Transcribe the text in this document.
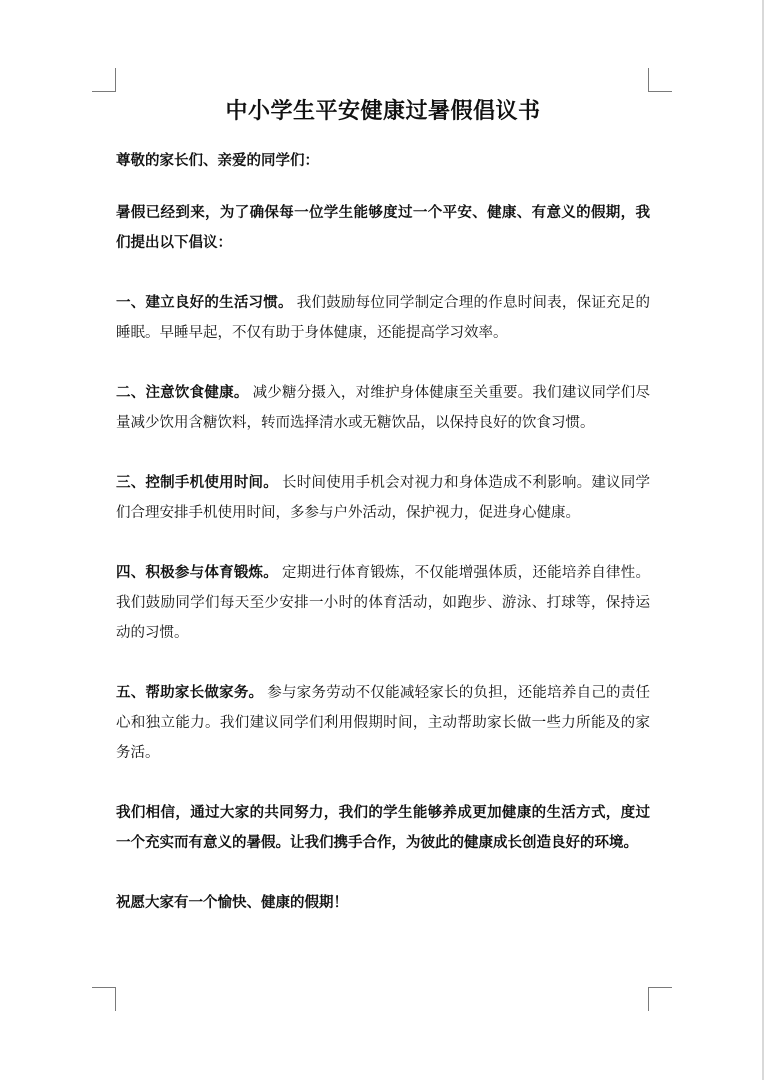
中小学生平安健康过暑假倡议书
尊敬的家长们、亲爱的同学们：
暑假已经到来，为了确保每一位学生能够度过一个平安、健康、有意义的假期，我们提出以下倡议：
一、建立良好的生活习惯。 我们鼓励每位同学制定合理的作息时间表，保证充足的睡眠。早睡早起，不仅有助于身体健康，还能提高学习效率。
二、注意饮食健康。 减少糖分摄入，对维护身体健康至关重要。我们建议同学们尽量减少饮用含糖饮料，转而选择清水或无糖饮品，以保持良好的饮食习惯。
三、控制手机使用时间。 长时间使用手机会对视力和身体造成不利影响。建议同学们合理安排手机使用时间，多参与户外活动，保护视力，促进身心健康。
四、积极参与体育锻炼。 定期进行体育锻炼，不仅能增强体质，还能培养自律性。我们鼓励同学们每天至少安排一小时的体育活动，如跑步、游泳、打球等，保持运动的习惯。
五、帮助家长做家务。 参与家务劳动不仅能减轻家长的负担，还能培养自己的责任心和独立能力。我们建议同学们利用假期时间，主动帮助家长做一些力所能及的家务活。
我们相信，通过大家的共同努力，我们的学生能够养成更加健康的生活方式，度过一个充实而有意义的暑假。让我们携手合作，为彼此的健康成长创造良好的环境。
祝愿大家有一个愉快、健康的假期！
